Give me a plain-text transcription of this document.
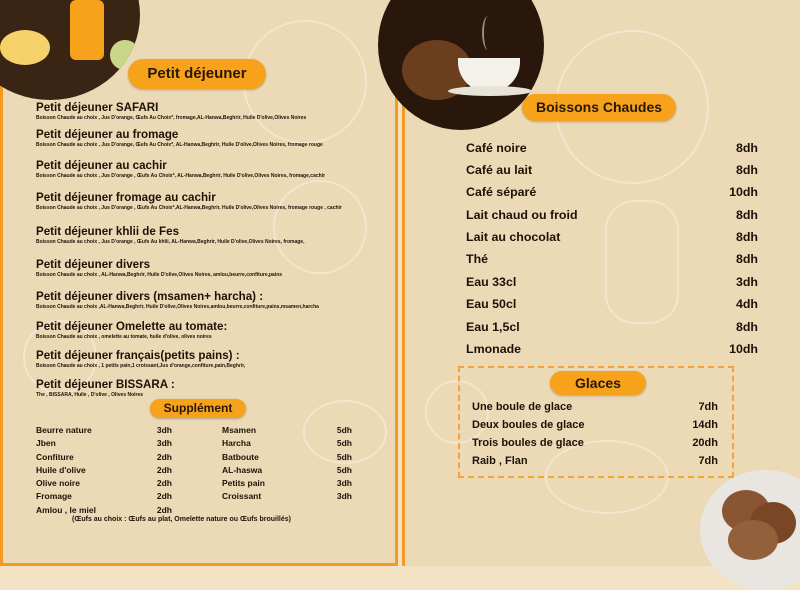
Petit déjeuner
Petit déjeuner SAFARI
Boisson Chaude au choix , Jus D'orange, Œufs Au Choix*, fromage,AL-Hanwa,Beghrir, Huile D'olive,Olives Noires
Petit déjeuner au fromage
Boisson Chaude au choix , Jus D'orange, Œufs Au Choix*, AL-Hanwa,Beghrir, Huile D'olive,Olives Noires, fromage rouge
Petit déjeuner au cachir
Boisson Chaude au choix , Jus D'orange , Œufs Au Choix*, AL-Hanwa,Beghrir, Huile D'olive,Olives Noires, fromage,cachir
Petit déjeuner fromage au cachir
Boisson Chaude au choix , Jus D'orange , Œufs Au Choix*,AL-Hanwa,Beghrir, Huile D'olive,Olives Noires, fromage rouge , cachir
Petit déjeuner khlii de Fes
Boisson Chaude au choix , Jus D'orange , Œufs Au khlii, AL-Hanwa,Beghrir, Huile D'olive,Olives Noires, fromage,
Petit déjeuner divers
Boisson Chaude au choix , AL-Hanwa,Beghrir, Huile D'olive,Olives Noires, amlou,beurre,confiture,pains
Petit déjeuner divers (msamen+ harcha) :
Boisson Chaude au choix ,AL-Hanwa,Beghrir, Huile D'olive,Olives Noires,amlou,beurre,confiture,pains,msamen,harcha
Petit déjeuner Omelette au tomate:
Boisson Chaude au choix , omelette au tomate, huile d'olive, olives noires
Petit déjeuner français(petits pains) :
Boisson Chaude au choix , 1 petits pain,1 croissant,Jus d'orange,confiture,pain,Beghrir,
Petit déjeuner BISSARA :
The , BISSARA, Huile , D'olive , Olives Noires
Supplément
Beurre nature	3dh
Jben	3dh
Confiture	2dh
Huile d'olive	2dh
Olive noire	2dh
Fromage	2dh
Amlou , le miel	2dh
Msamen	5dh
Harcha	5dh
Batboute	5dh
AL-haswa	5dh
Petits pain	3dh
Croissant	3dh
(Œufs au choix : Œufs au plat, Omelette nature ou Œufs brouillés)
Boissons Chaudes
Café noire	8dh
Café au lait	8dh
Café séparé	10dh
Lait chaud ou froid	8dh
Lait au chocolat	8dh
Thé	8dh
Eau 33cl	3dh
Eau 50cl	4dh
Eau 1,5cl	8dh
Lmonade	10dh
Glaces
Une boule de glace	7dh
Deux boules de glace	14dh
Trois boules de glace	20dh
Raib , Flan	7dh
